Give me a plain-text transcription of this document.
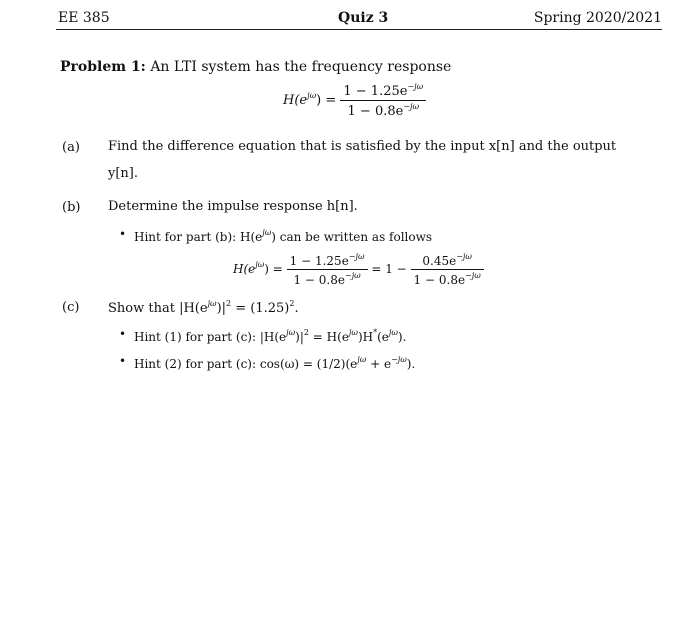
EE 385	Quiz 3	Spring 2020/2021
Problem 1: An LTI system has the frequency response
$H(e^{j\omega}) = \frac{1 - 1.25e^{-j\omega}}{1 - 0.8e^{-j\omega}}$
(a) Find the difference equation that is satisfied by the input x[n] and the output
y[n].
(b) Determine the impulse response h[n].
• Hint for part (b): $H(e^{j\omega})$ can be written as follows
$H(e^{j\omega}) = \frac{1 - 1.25e^{-j\omega}}{1 - 0.8e^{-j\omega}} = 1 - \frac{0.45e^{-j\omega}}{1 - 0.8e^{-j\omega}}$
(c) Show that $|H(e^{j\omega})|^2 = (1.25)^2$.
• Hint (1) for part (c): $|H(e^{j\omega})|^2 = H(e^{j\omega})H^*(e^{j\omega})$.
• Hint (2) for part (c): $\cos(\omega) = (1/2)(e^{j\omega} + e^{-j\omega})$.
